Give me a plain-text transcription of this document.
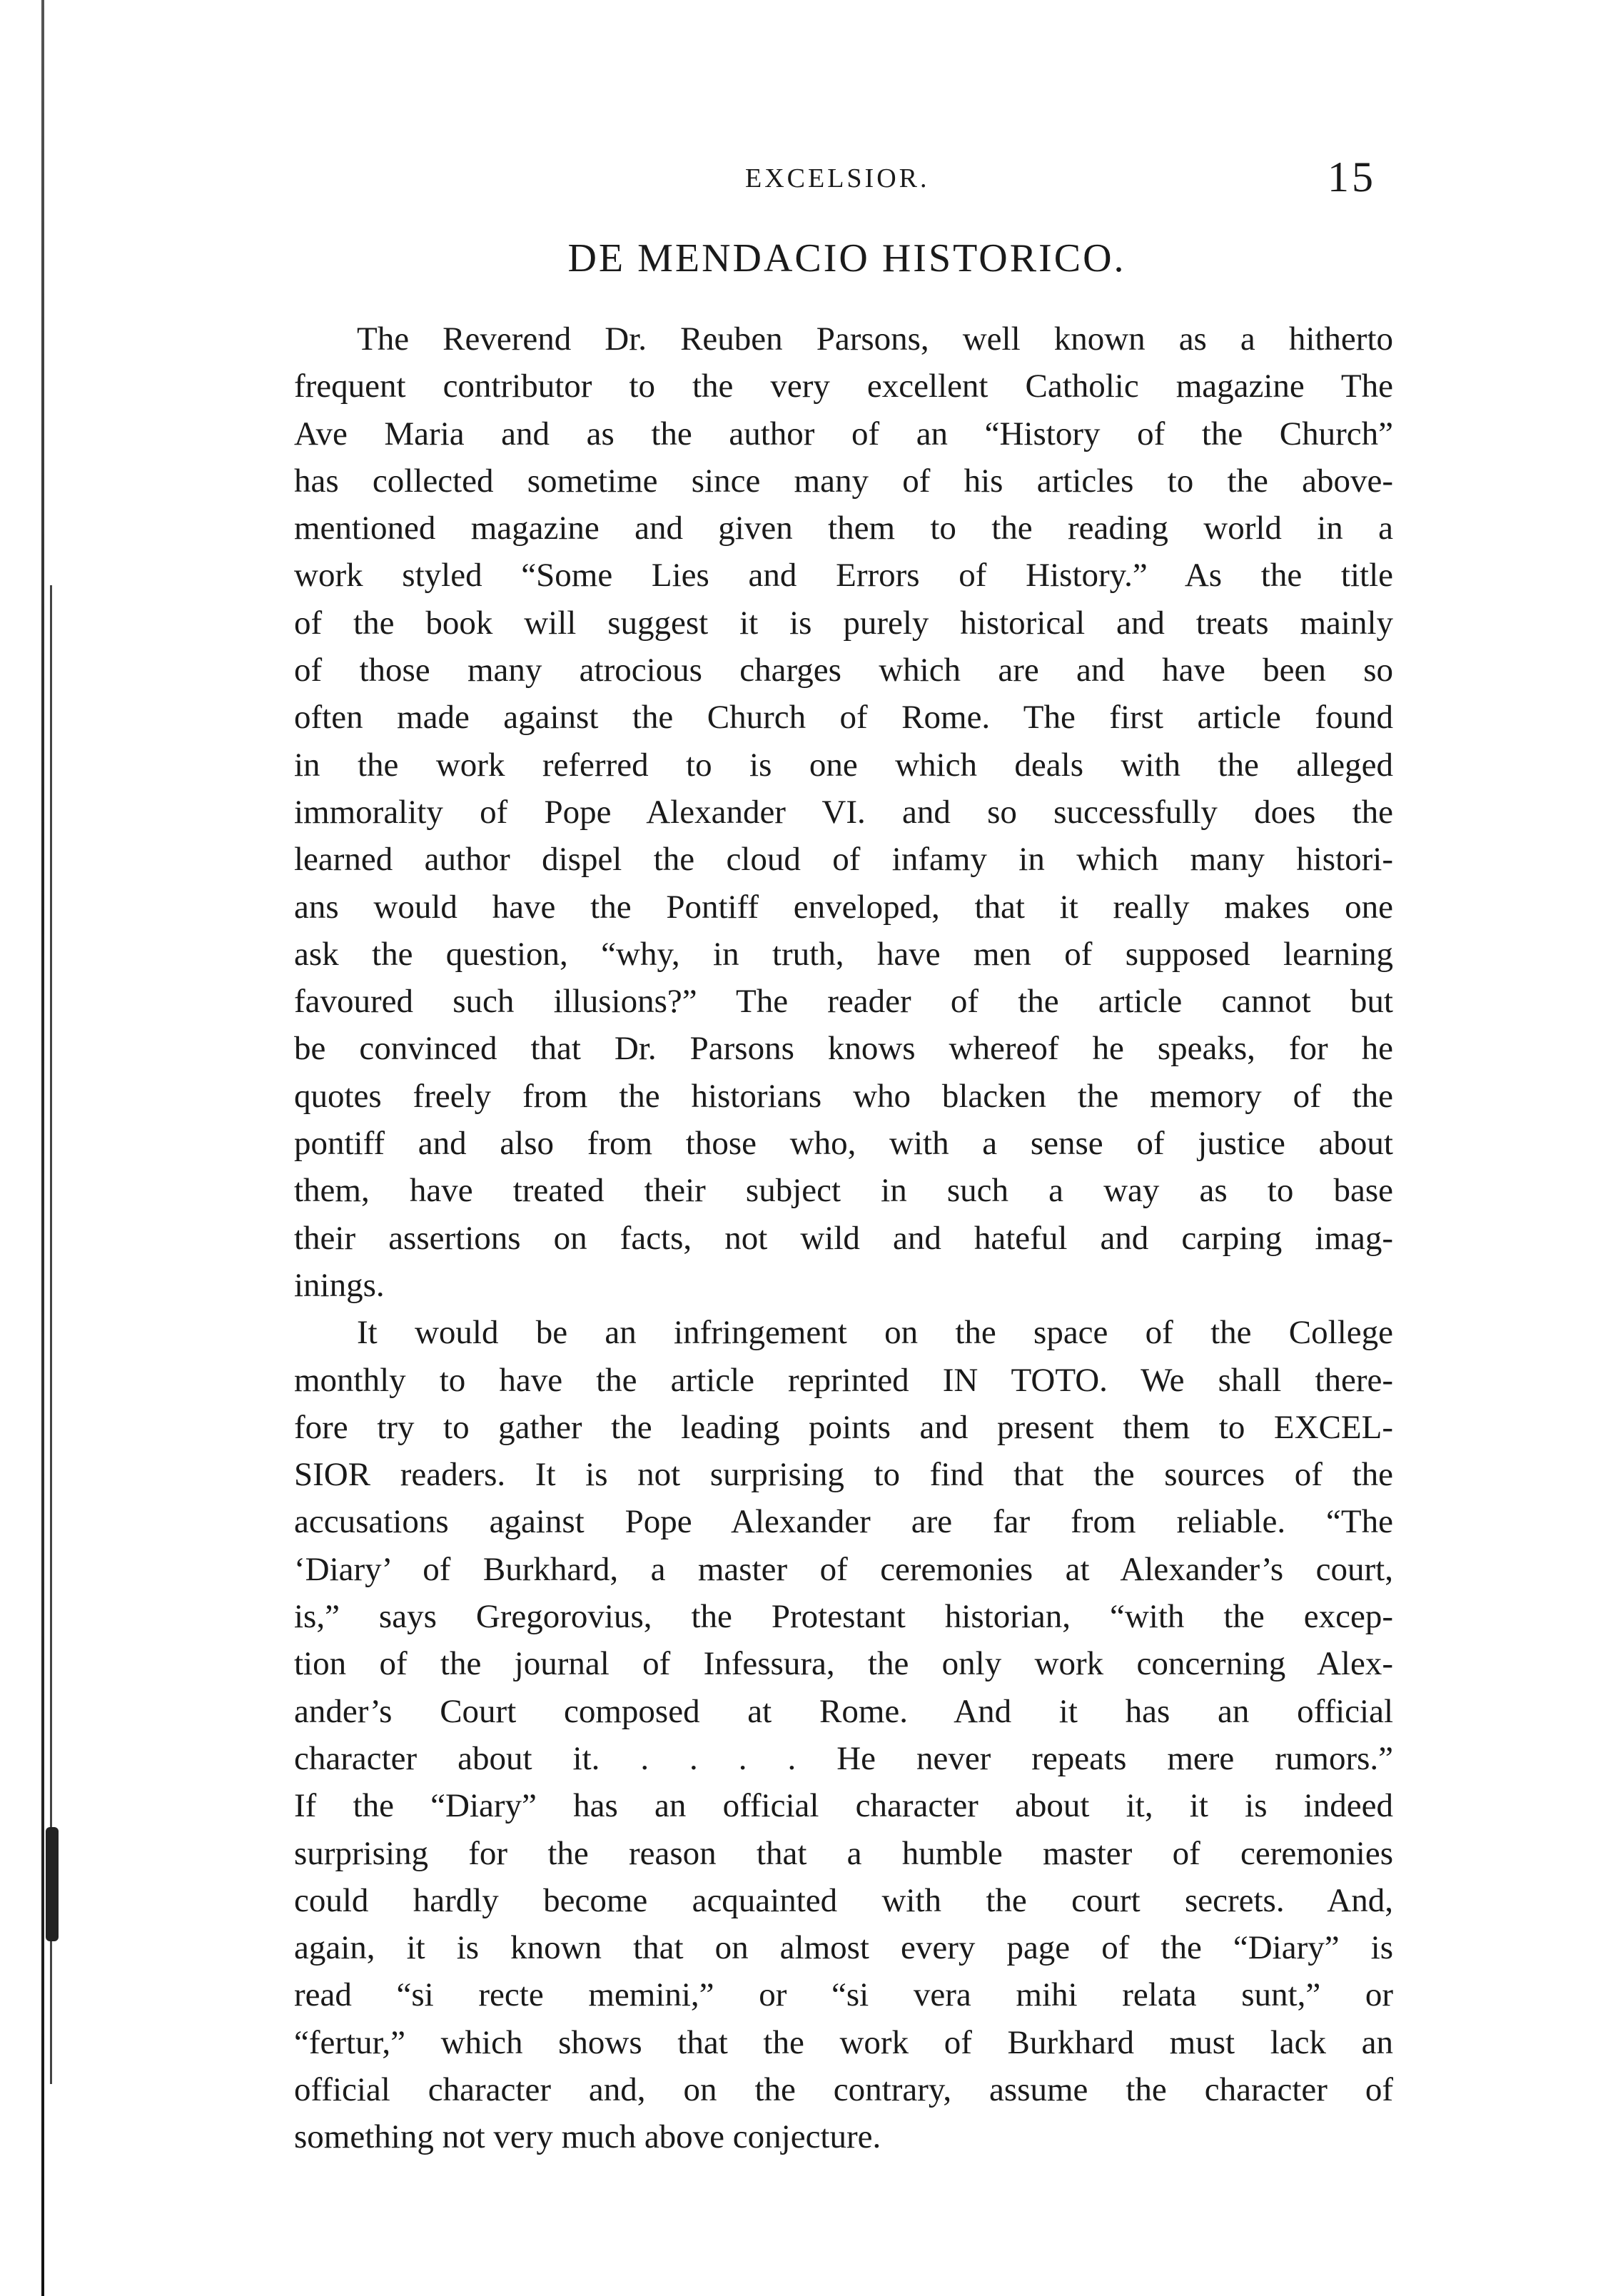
EXCELSIOR.	15
DE MENDACIO HISTORICO.
The Reverend Dr. Reuben Parsons, well known as a hitherto
frequent contributor to the very excellent Catholic magazine The
Ave Maria and as the author of an “History of the Church”
has collected sometime since many of his articles to the above-
mentioned magazine and given them to the reading world in a
work styled “Some Lies and Errors of History.” As the title
of the book will suggest it is purely historical and treats mainly
of those many atrocious charges which are and have been so
often made against the Church of Rome. The first article found
in the work referred to is one which deals with the alleged
immorality of Pope Alexander VI. and so successfully does the
learned author dispel the cloud of infamy in which many histori-
ans would have the Pontiff enveloped, that it really makes one
ask the question, “why, in truth, have men of supposed learning
favoured such illusions?” The reader of the article cannot but
be convinced that Dr. Parsons knows whereof he speaks, for he
quotes freely from the historians who blacken the memory of the
pontiff and also from those who, with a sense of justice about
them, have treated their subject in such a way as to base
their assertions on facts, not wild and hateful and carping imag-
inings.
It would be an infringement on the space of the College
monthly to have the article reprinted IN TOTO. We shall there-
fore try to gather the leading points and present them to EXCEL-
SIOR readers. It is not surprising to find that the sources of the
accusations against Pope Alexander are far from reliable. “The
‘Diary’ of Burkhard, a master of ceremonies at Alexander’s court,
is,” says Gregorovius, the Protestant historian, “with the excep-
tion of the journal of Infessura, the only work concerning Alex-
ander’s Court composed at Rome. And it has an official
character about it. . . . . He never repeats mere rumors.”
If the “Diary” has an official character about it, it is indeed
surprising for the reason that a humble master of ceremonies
could hardly become acquainted with the court secrets. And,
again, it is known that on almost every page of the “Diary” is
read “si recte memini,” or “si vera mihi relata sunt,” or
“fertur,” which shows that the work of Burkhard must lack an
official character and, on the contrary, assume the character of
something not very much above conjecture.
